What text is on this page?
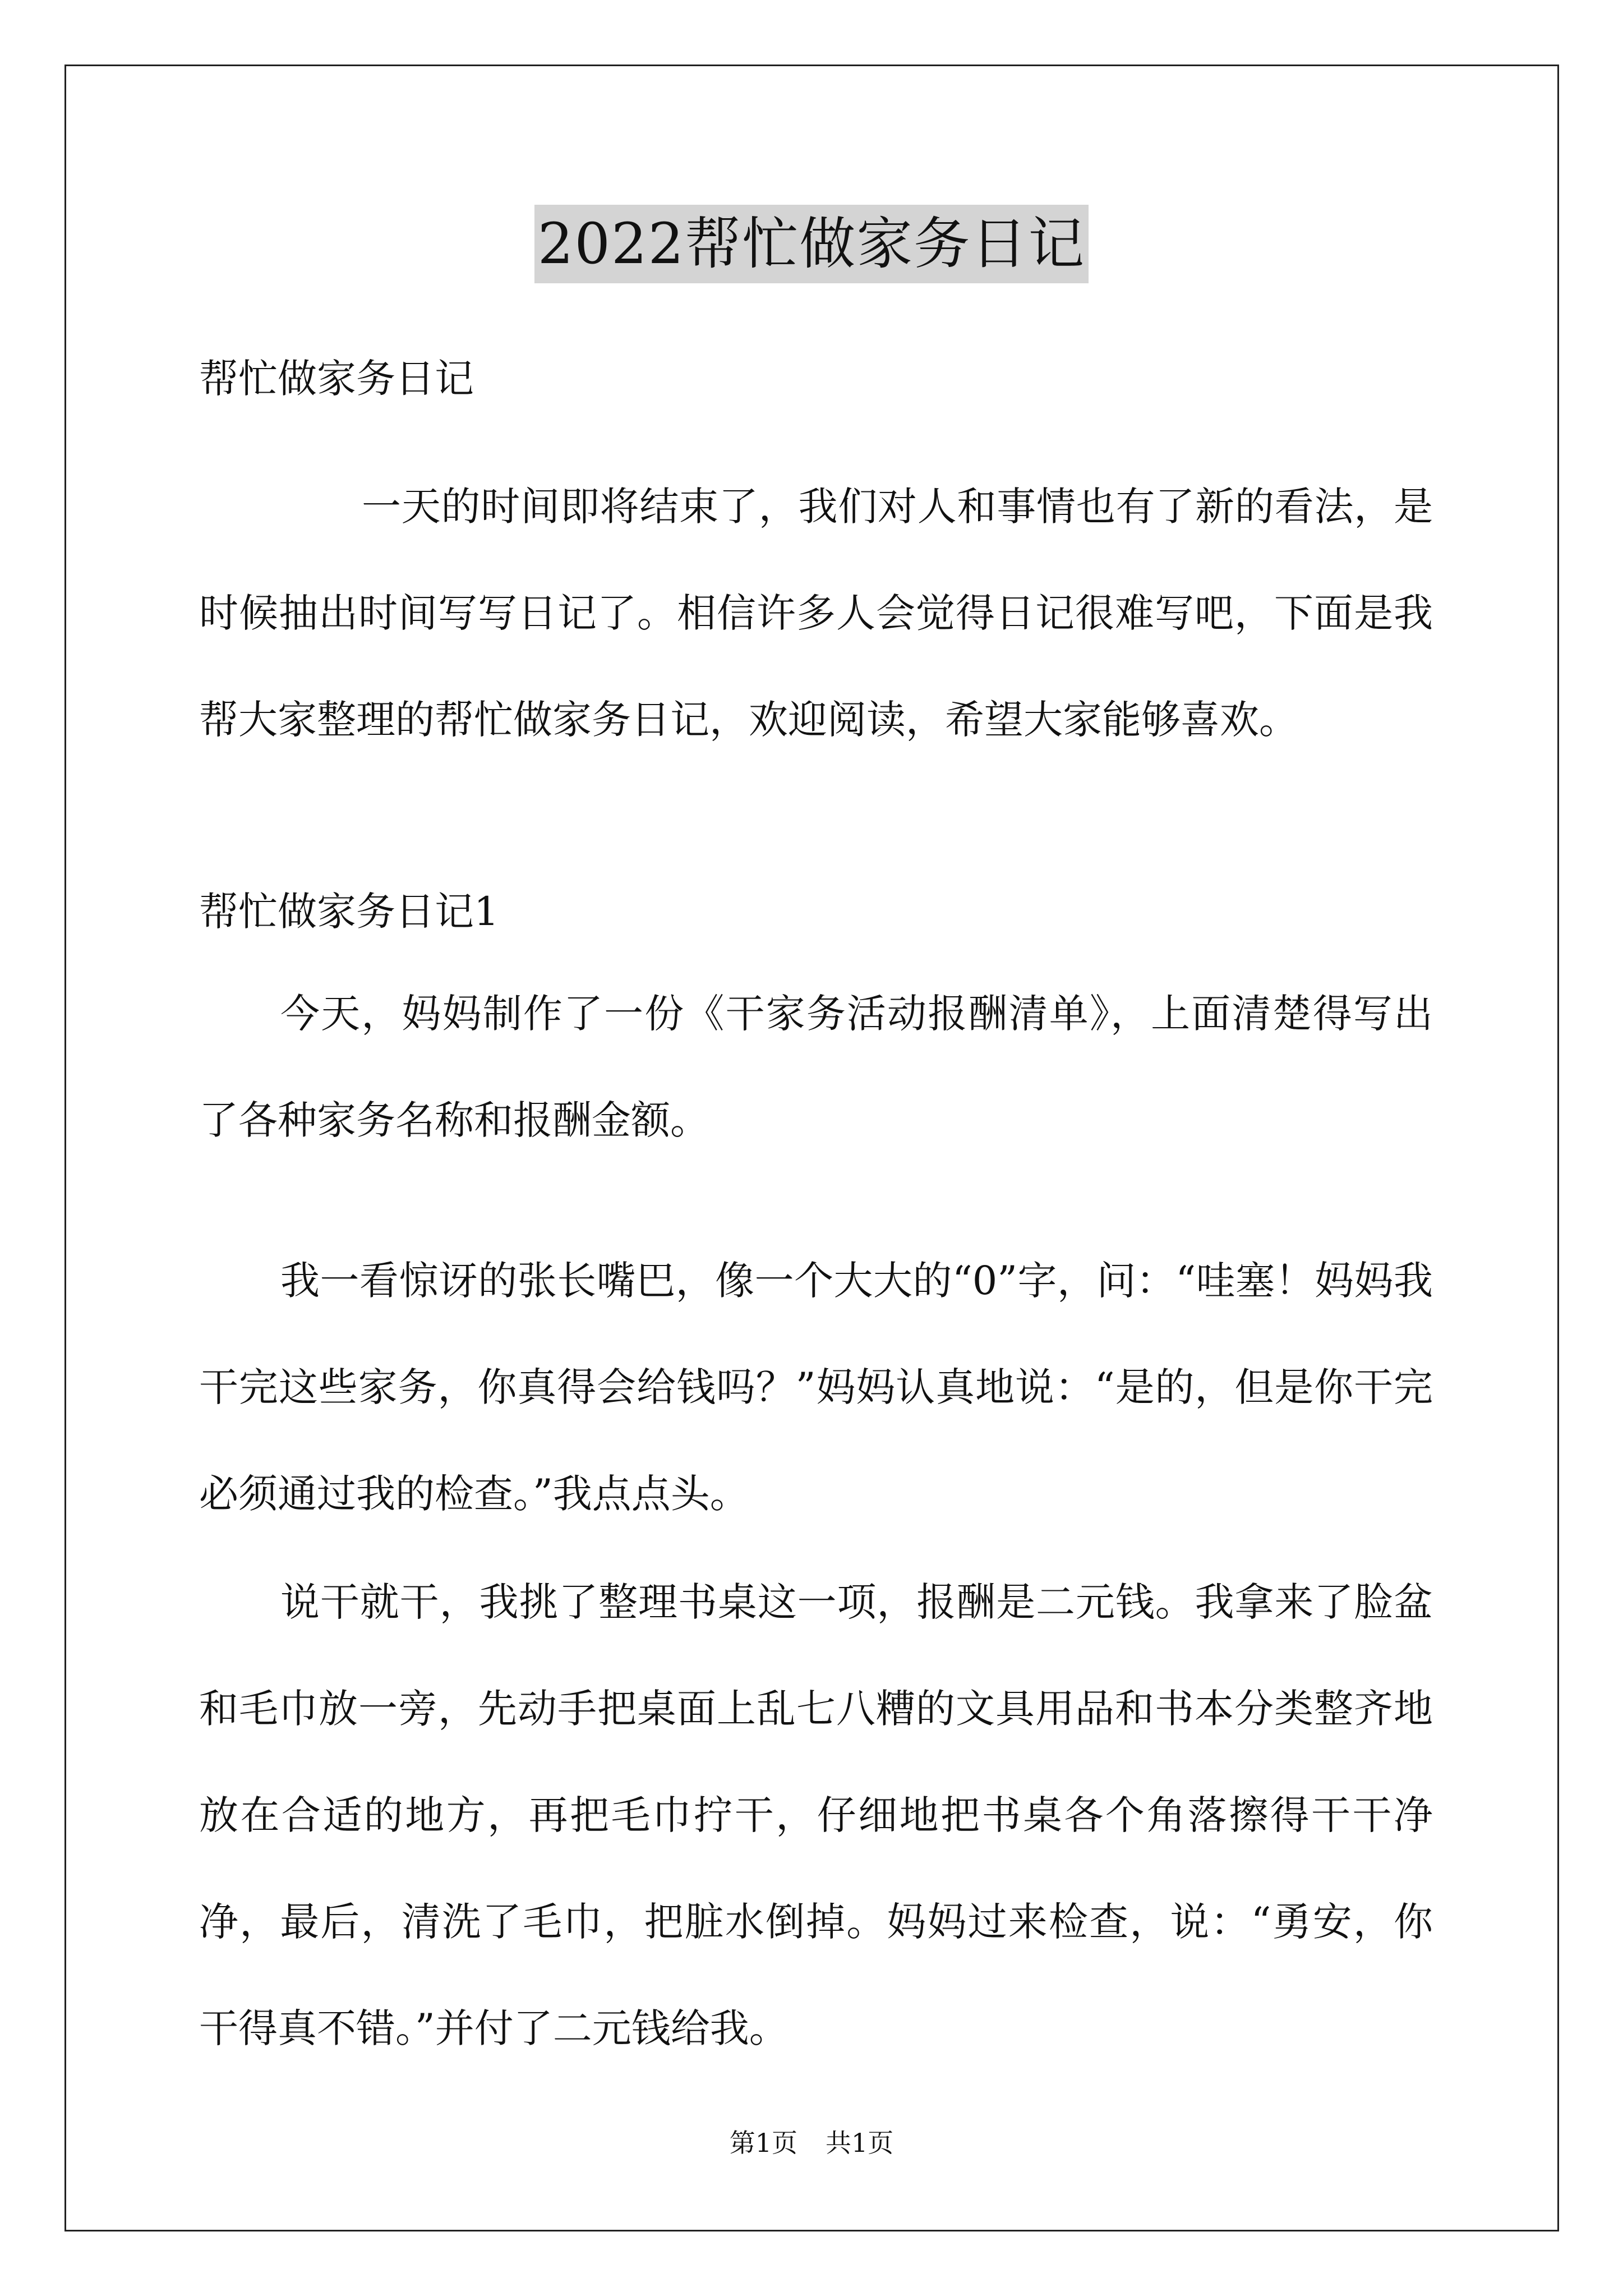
2022帮忙做家务日记
帮忙做家务日记
一天的时间即将结束了，我们对人和事情也有了新的看法，是时候抽出时间写写日记了。相信许多人会觉得日记很难写吧，下面是我帮大家整理的帮忙做家务日记，欢迎阅读，希望大家能够喜欢。
帮忙做家务日记1
今天，妈妈制作了一份《干家务活动报酬清单》，上面清楚得写出了各种家务名称和报酬金额。
我一看惊讶的张长嘴巴，像一个大大的“0”字，问：“哇塞！妈妈我干完这些家务，你真得会给钱吗？”妈妈认真地说：“是的，但是你干完必须通过我的检查。”我点点头。
说干就干，我挑了整理书桌这一项，报酬是二元钱。我拿来了脸盆和毛巾放一旁，先动手把桌面上乱七八糟的文具用品和书本分类整齐地放在合适的地方，再把毛巾拧干，仔细地把书桌各个角落擦得干干净净，最后，清洗了毛巾，把脏水倒掉。妈妈过来检查，说：“勇安，你干得真不错。”并付了二元钱给我。
第1页 共1页
